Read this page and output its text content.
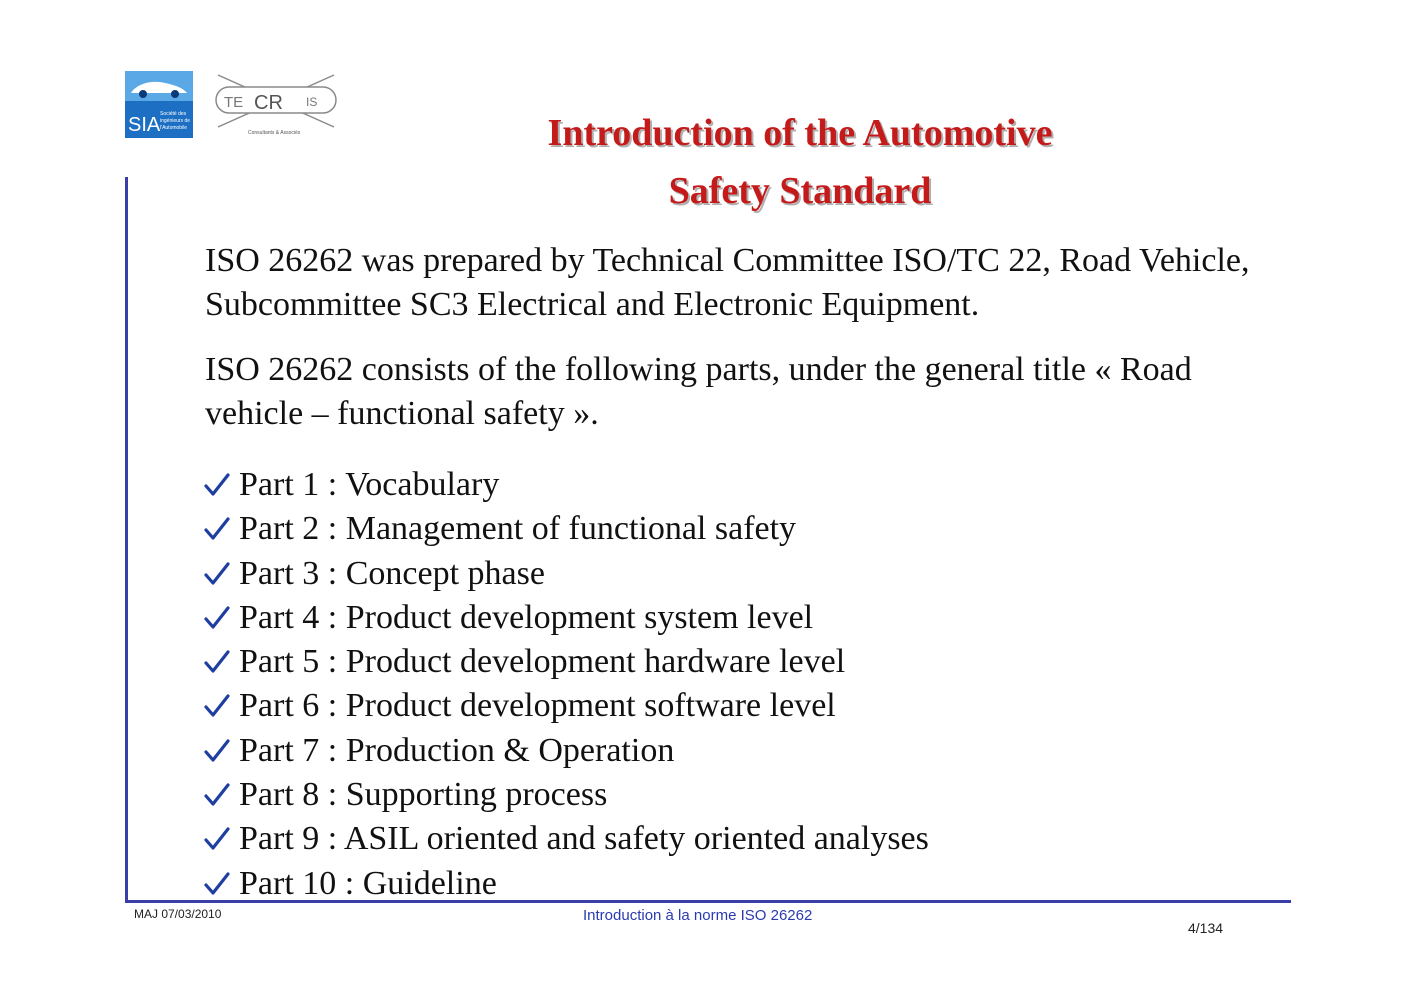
SIA Société des
ingénieurs de
l'Automobile
TE CR IS
Consultants & Associés	Introduction of the Automotive
Safety Standard
ISO 26262 was prepared by Technical Committee ISO/TC 22, Road Vehicle, Subcommittee SC3 Electrical and Electronic Equipment.
ISO 26262 consists of the following parts, under the general title « Road vehicle – functional safety ».
Part 1 : Vocabulary
Part 2 : Management of functional safety
Part 3 : Concept phase
Part 4 : Product development system level
Part 5 : Product development hardware level
Part 6 : Product development software level
Part 7 : Production & Operation
Part 8 : Supporting process
Part 9 : ASIL oriented and safety oriented analyses
Part 10 : Guideline
MAJ 07/03/2010	Introduction à la norme ISO 26262
4/134
